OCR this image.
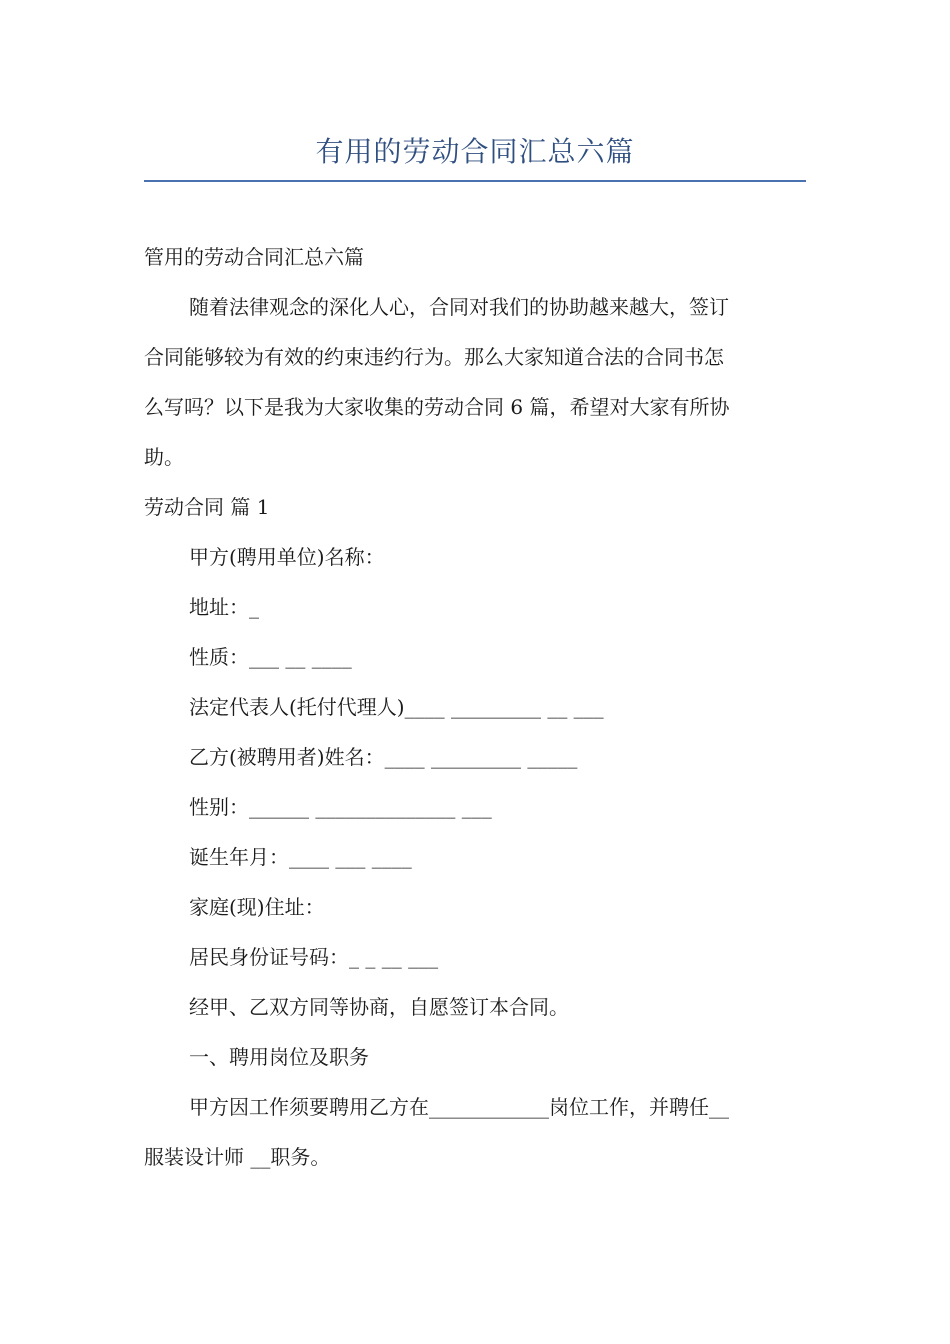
有用的劳动合同汇总六篇
管用的劳动合同汇总六篇
随着法律观念的深化人心，合同对我们的协助越来越大，签订
合同能够较为有效的约束违约行为。那么大家知道合法的合同书怎
么写吗？以下是我为大家收集的劳动合同 6 篇，希望对大家有所协
助。
劳动合同 篇 1
甲方(聘用单位)名称：
地址：_
性质：___ __ ____
法定代表人(托付代理人)____ _________ __ ___
乙方(被聘用者)姓名：____ _________ _____
性别：______ ______________ ___
诞生年月：____ ___ ____
家庭(现)住址：
居民身份证号码：_ _ __ ___
经甲、乙双方同等协商，自愿签订本合同。
一、聘用岗位及职务
甲方因工作须要聘用乙方在____________岗位工作，并聘任__
服装设计师 __职务。
